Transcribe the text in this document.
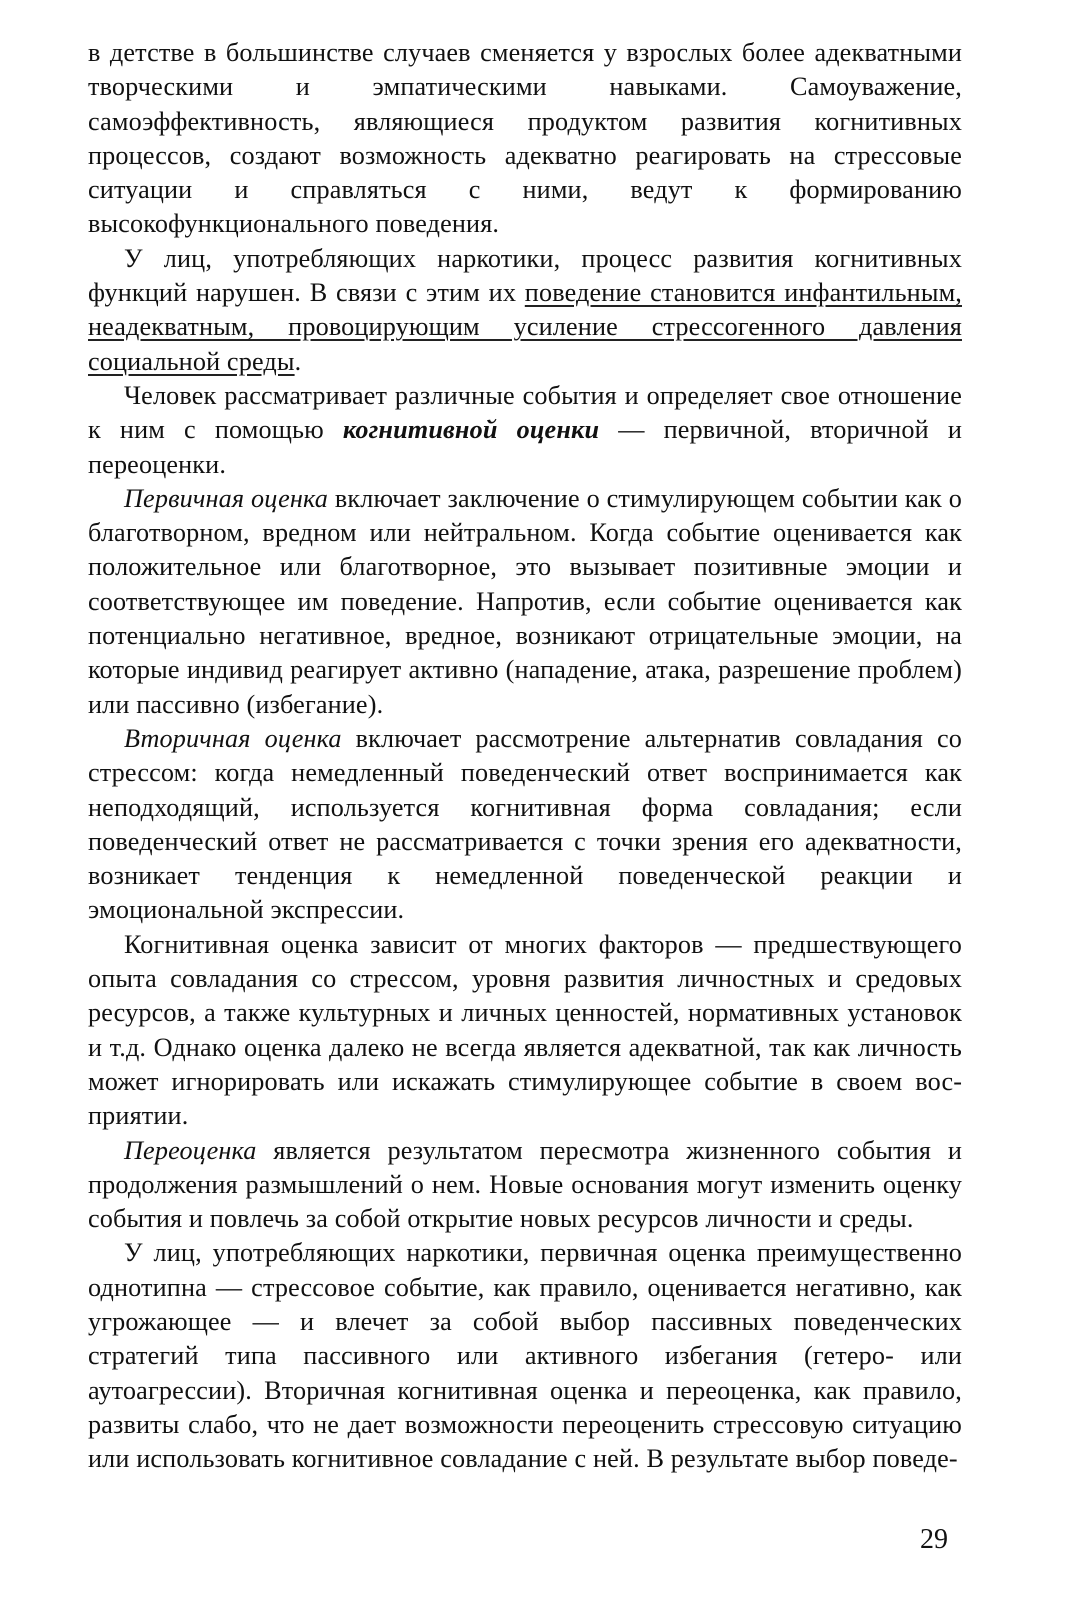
в детстве в большинстве случаев сменяется у взрослых более адекватными творческими и эмпатическими навыками. Самоуважение, самоэффективность, являющиеся продуктом развития когнитивных процессов, создают возможность адекватно реагировать на стрессовые ситуации и справляться с ними, ведут к формированию высокофункционального поведения.

У лиц, употребляющих наркотики, процесс развития когнитивных функций нарушен. В связи с этим их поведение становится инфантильным, неадекватным, провоцирующим усиление стрессогенного давления социальной среды.

Человек рассматривает различные события и определяет свое отношение к ним с помощью когнитивной оценки — первичной, вторичной и переоценки.

Первичная оценка включает заключение о стимулирующем событии как о благотворном, вредном или нейтральном. Когда событие оценивается как положительное или благотворное, это вызывает позитивные эмоции и соответствующее им поведение. Напротив, если событие оценивается как потенциально негативное, вредное, возникают отрицательные эмоции, на которые индивид реагирует активно (нападение, атака, разрешение проблем) или пассивно (избегание).

Вторичная оценка включает рассмотрение альтернатив совладания со стрессом: когда немедленный поведенческий ответ воспринимается как неподходящий, используется когнитивная форма совладания; если поведенческий ответ не рассматривается с точки зрения его адекватности, возникает тенденция к немедленной поведенческой реакции и эмоциональной экспрессии.

Когнитивная оценка зависит от многих факторов — предшествующего опыта совладания со стрессом, уровня развития личностных и средовых ресурсов, а также культурных и личных ценностей, нормативных установок и т.д. Однако оценка далеко не всегда является адекватной, так как личность может игнорировать или искажать стимулирующее событие в своем восприятии.

Переоценка является результатом пересмотра жизненного события и продолжения размышлений о нем. Новые основания могут изменить оценку события и повлечь за собой открытие новых ресурсов личности и среды.

У лиц, употребляющих наркотики, первичная оценка преимущественно однотипна — стрессовое событие, как правило, оценивается негативно, как угрожающее — и влечет за собой выбор пассивных поведенческих стратегий типа пассивного или активного избегания (гетеро- или аутоагрессии). Вторичная когнитивная оценка и переоценка, как правило, развиты слабо, что не дает возможности переоценить стрессовую ситуацию или использовать когнитивное совладание с ней. В результате выбор поведе-

29
